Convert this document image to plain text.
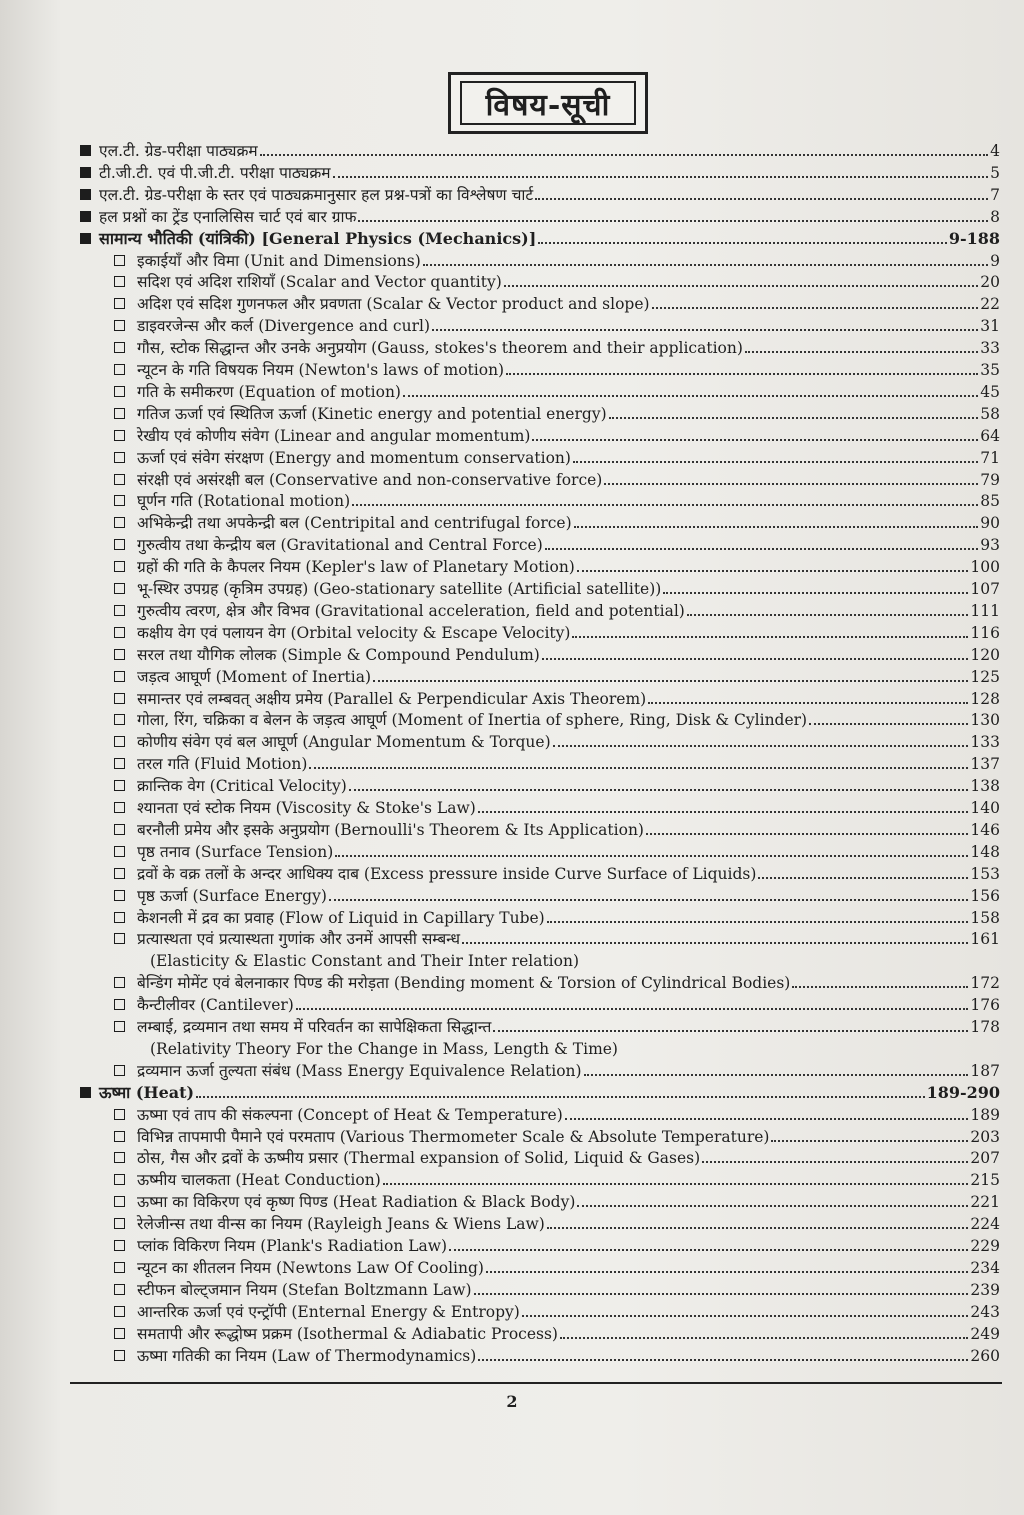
विषय-सूची
एल.टी. ग्रेड-परीक्षा पाठ्यक्रम	4
टी.जी.टी. एवं पी.जी.टी. परीक्षा पाठ्यक्रम	5
एल.टी. ग्रेड-परीक्षा के स्तर एवं पाठ्यक्रमानुसार हल प्रश्न-पत्रों का विश्लेषण चार्ट	7
हल प्रश्नों का ट्रेंड एनालिसिस चार्ट एवं बार ग्राफ	8
सामान्य भौतिकी (यांत्रिकी) [General Physics (Mechanics)]	9-188
इकाईयाँ और विमा (Unit and Dimensions)	9
सदिश एवं अदिश राशियाँ (Scalar and Vector quantity)	20
अदिश एवं सदिश गुणनफल और प्रवणता (Scalar & Vector product and slope)	22
डाइवरजेन्स और कर्ल (Divergence and curl)	31
गौस, स्टोक सिद्धान्त और उनके अनुप्रयोग (Gauss, stokes's theorem and their application)	33
न्यूटन के गति विषयक नियम (Newton's laws of motion)	35
गति के समीकरण (Equation of motion)	45
गतिज ऊर्जा एवं स्थितिज ऊर्जा (Kinetic energy and potential energy)	58
रेखीय एवं कोणीय संवेग (Linear and angular momentum)	64
ऊर्जा एवं संवेग संरक्षण (Energy and momentum conservation)	71
संरक्षी एवं असंरक्षी बल (Conservative and non-conservative force)	79
घूर्णन गति (Rotational motion)	85
अभिकेन्द्री तथा अपकेन्द्री बल (Centripital and centrifugal force)	90
गुरुत्वीय तथा केन्द्रीय बल (Gravitational and Central Force)	93
ग्रहों की गति के कैपलर नियम (Kepler's law of Planetary Motion)	100
भू-स्थिर उपग्रह (कृत्रिम उपग्रह) (Geo-stationary satellite (Artificial satellite))	107
गुरुत्वीय त्वरण, क्षेत्र और विभव (Gravitational acceleration, field and potential)	111
कक्षीय वेग एवं पलायन वेग (Orbital velocity & Escape Velocity)	116
सरल तथा यौगिक लोलक (Simple & Compound Pendulum)	120
जड़त्व आघूर्ण (Moment of Inertia)	125
समान्तर एवं लम्बवत् अक्षीय प्रमेय (Parallel & Perpendicular Axis Theorem)	128
गोला, रिंग, चक्रिका व बेलन के जड़त्व आघूर्ण (Moment of Inertia of sphere, Ring, Disk & Cylinder)	130
कोणीय संवेग एवं बल आघूर्ण (Angular Momentum & Torque)	133
तरल गति (Fluid Motion)	137
क्रान्तिक वेग (Critical Velocity)	138
श्यानता एवं स्टोक नियम (Viscosity & Stoke's Law)	140
बरनौली प्रमेय और इसके अनुप्रयोग (Bernoulli's Theorem & Its Application)	146
पृष्ठ तनाव (Surface Tension)	148
द्रवों के वक्र तलों के अन्दर आधिक्य दाब (Excess pressure inside Curve Surface of Liquids)	153
पृष्ठ ऊर्जा (Surface Energy)	156
केशनली में द्रव का प्रवाह (Flow of Liquid in Capillary Tube)	158
प्रत्यास्थता एवं प्रत्यास्थता गुणांक और उनमें आपसी सम्बन्ध	161
(Elasticity & Elastic Constant and Their Inter relation)
बेन्डिंग मोमेंट एवं बेलनाकार पिण्ड की मरोड़ता (Bending moment & Torsion of Cylindrical Bodies)	172
कैन्टीलीवर (Cantilever)	176
लम्बाई, द्रव्यमान तथा समय में परिवर्तन का सापेक्षिकता सिद्धान्त	178
(Relativity Theory For the Change in Mass, Length & Time)
द्रव्यमान ऊर्जा तुल्यता संबंध (Mass Energy Equivalence Relation)	187
ऊष्मा (Heat)	189-290
ऊष्मा एवं ताप की संकल्पना (Concept of Heat & Temperature)	189
विभिन्न तापमापी पैमाने एवं परमताप (Various Thermometer Scale & Absolute Temperature)	203
ठोस, गैस और द्रवों के ऊष्मीय प्रसार (Thermal expansion of Solid, Liquid & Gases)	207
ऊष्मीय चालकता (Heat Conduction)	215
ऊष्मा का विकिरण एवं कृष्ण पिण्ड (Heat Radiation & Black Body)	221
रेलेजीन्स तथा वीन्स का नियम (Rayleigh Jeans & Wiens Law)	224
प्लांक विकिरण नियम (Plank's Radiation Law)	229
न्यूटन का शीतलन नियम (Newtons Law Of Cooling)	234
स्टीफन बोल्ट्जमान नियम (Stefan Boltzmann Law)	239
आन्तरिक ऊर्जा एवं एन्ट्रॉपी (Enternal Energy & Entropy)	243
समतापी और रूद्धोष्म प्रक्रम (Isothermal & Adiabatic Process)	249
ऊष्मा गतिकी का नियम (Law of Thermodynamics)	260
2
